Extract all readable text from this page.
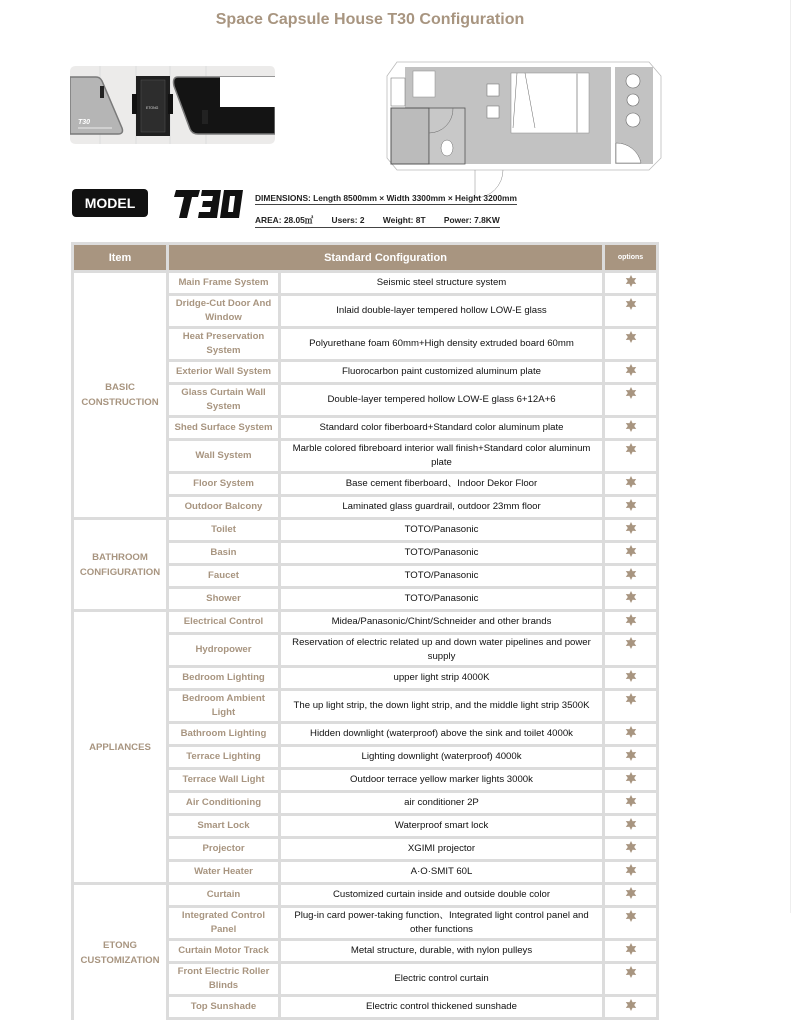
Space Capsule House T30 Configuration
T30
ETONG
MODEL	DIMENSIONS: Length 8500mm × Width 3300mm × Height 3200mm
AREA: 28.05㎡ Users: 2 Weight: 8T Power: 7.8KW
Item	Standard Configuration		options
BASIC
CONSTRUCTION	Main Frame System	Seismic steel structure system	
	Dridge-Cut Door And Window	Inlaid double-layer tempered hollow LOW-E glass	
	Heat Preservation System	Polyurethane foam 60mm+High density extruded board 60mm	
	Exterior Wall System	Fluorocarbon paint customized aluminum plate	
	Glass Curtain Wall System	Double-layer tempered hollow LOW-E glass 6+12A+6	
	Shed Surface System	Standard color fiberboard+Standard color aluminum plate	
	Wall System	Marble colored fibreboard interior wall finish+Standard color aluminum plate	
	Floor System	Base cement fiberboard、Indoor Dekor Floor	
	Outdoor Balcony	Laminated glass guardrail, outdoor 23mm floor	
BATHROOM
CONFIGURATION	Toilet	TOTO/Panasonic	
	Basin	TOTO/Panasonic	
	Faucet	TOTO/Panasonic	
	Shower	TOTO/Panasonic	
APPLIANCES	Electrical Control	Midea/Panasonic/Chint/Schneider and other brands	
	Hydropower	Reservation of electric related up and down water pipelines and power supply	
	Bedroom Lighting	upper light strip 4000K	
	Bedroom Ambient Light	The up light strip, the down light strip, and the middle light strip 3500K	
	Bathroom Lighting	Hidden downlight (waterproof) above the sink and toilet 4000k	
	Terrace Lighting	Lighting downlight (waterproof) 4000k	
	Terrace Wall Light	Outdoor terrace yellow marker lights 3000k	
	Air Conditioning	air conditioner 2P	
	Smart Lock	Waterproof smart lock	
	Projector	XGIMI projector	
	Water Heater	A·O·SMIT 60L	
ETONG
CUSTOMIZATION	Curtain	Customized curtain inside and outside double color	
	Integrated Control Panel	Plug-in card power-taking function、Integrated light control panel and other functions	
	Curtain Motor Track	Metal structure, durable, with nylon pulleys	
	Front Electric Roller Blinds	Electric control curtain	
	Top Sunshade	Electric control thickened sunshade	
